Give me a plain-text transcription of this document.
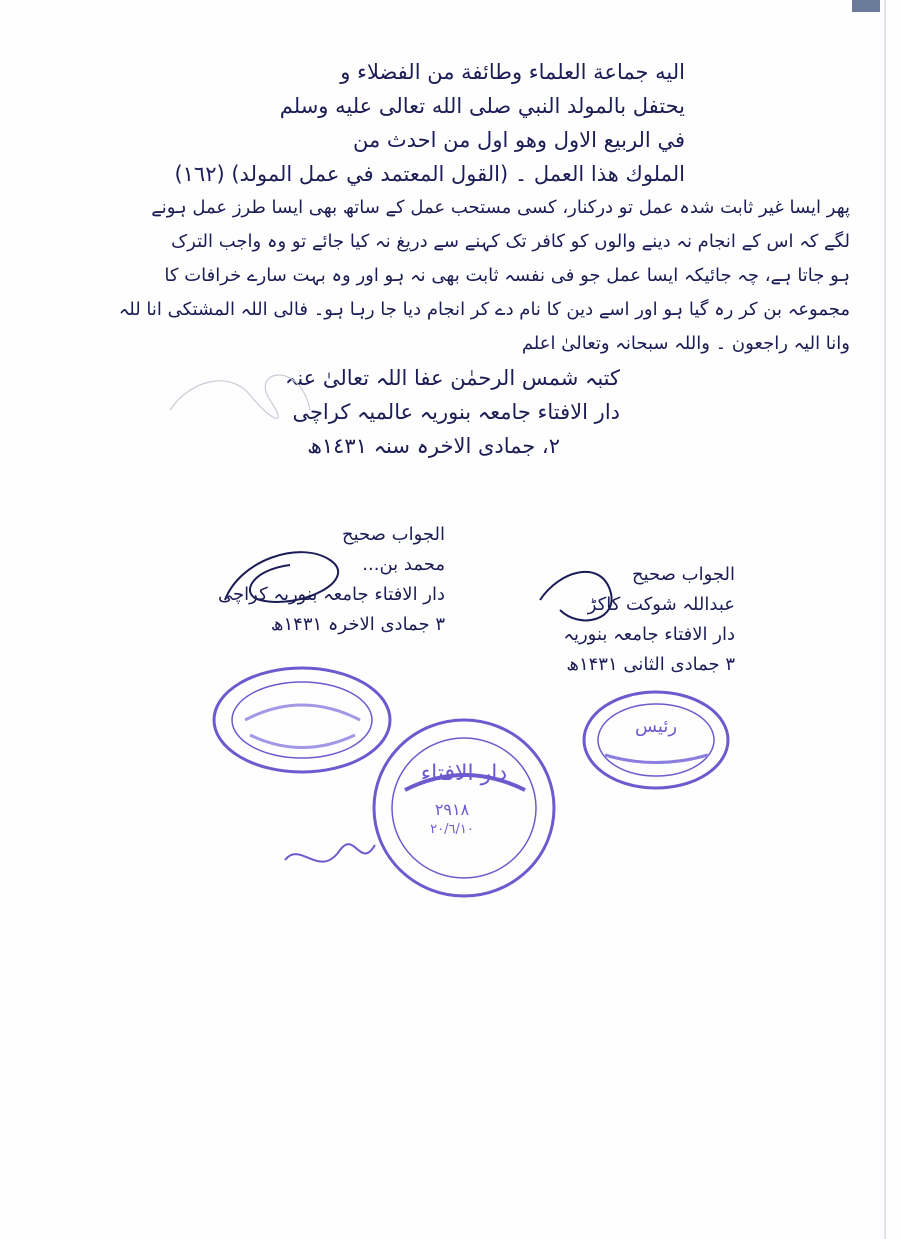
اليه جماعة العلماء وطائفة من الفضلاء و
يحتفل بالمولد النبي صلى الله تعالى عليه وسلم
في الربيع الاول وهو اول من احدث من
الملوك هذا العمل ۔ (القول المعتمد في عمل المولد) (١٦٢)
پھر ایسا غیر ثابت شدہ عمل تو درکنار، کسی مستحب عمل کے ساتھ بھی ایسا طرز عمل ہونے
لگے کہ اس کے انجام نہ دینے والوں کو کافر تک کہنے سے دریغ نہ کیا جائے تو وہ واجب الترک
ہو جاتا ہے، چہ جائیکہ ایسا عمل جو فی نفسہ ثابت بھی نہ ہو اور وہ بہت سارے خرافات کا
مجموعہ بن کر رہ گیا ہو اور اسے دین کا نام دے کر انجام دیا جا رہا ہو۔ فالی اللہ المشتکی انا للہ
وانا الیہ راجعون ۔ واللہ سبحانہ وتعالیٰ اعلم
کتبہ شمس الرحمٰن عفا اللہ تعالیٰ عنہ
دار الافتاء جامعہ بنوریہ عالمیہ کراچی
٢، جمادی الاخرہ سنہ ١٤٣١ھ
الجواب صحیح
محمد بن...
دار الافتاء جامعہ بنوریہ کراچی
۳ جمادی الاخرہ ۱۴۳۱ھ
الجواب صحیح
عبداللہ شوکت کاکڑ
دار الافتاء جامعہ بنوریہ
۳ جمادی الثانی ۱۴۳۱ھ
دار الافتاء
٢٩١٨
٢٠/٦/١٠
رئیس
